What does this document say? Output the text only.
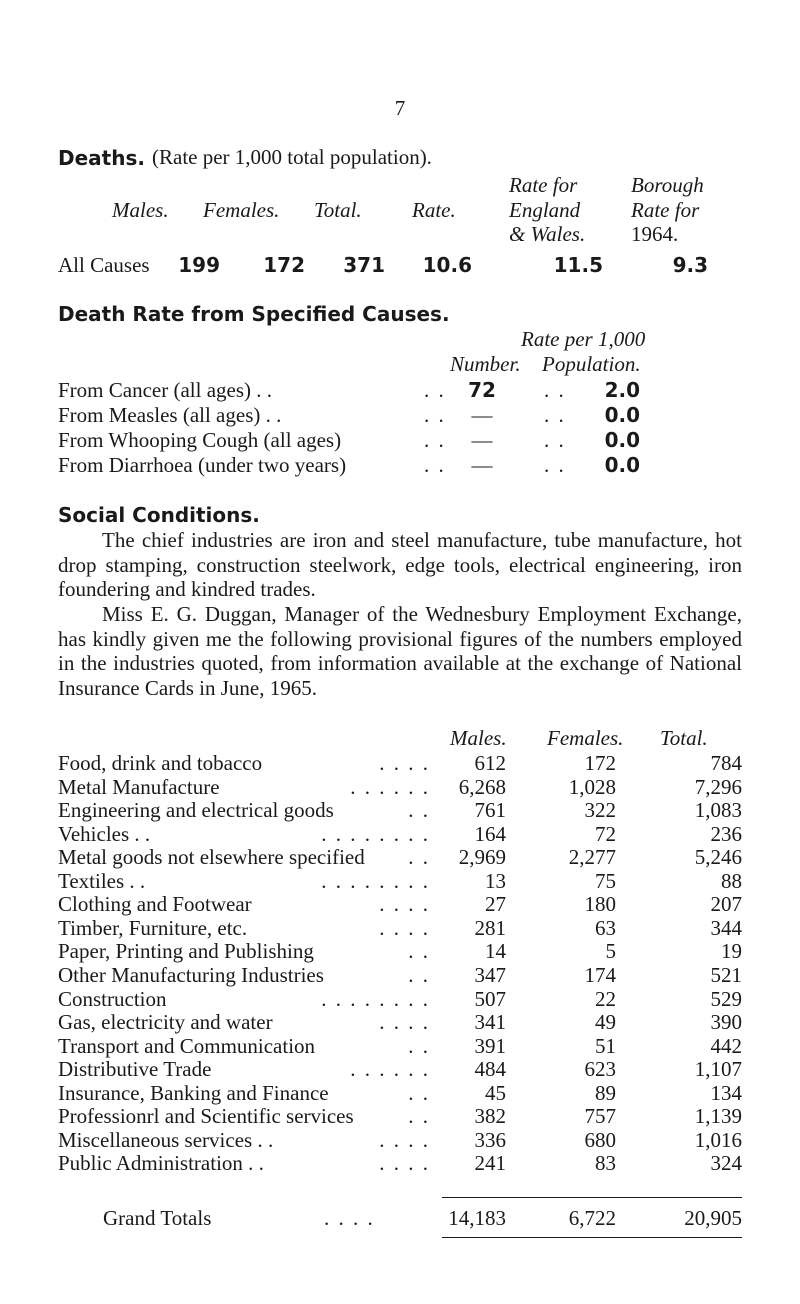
7
Deaths. (Rate per 1,000 total population).
Males. Females. Total. Rate.
Rate for
England
& Wales.
Borough
Rate for
1964.
All Causes	199	172	371	10.6	11.5	9.3
Death Rate from Specified Causes.
Rate per 1,000
Number. Population.
From Cancer (all ages) . .	. .	72	. .	2.0
From Measles (all ages) . .	. .	—	. .	0.0
From Whooping Cough (all ages)	. .	—	. .	0.0
From Diarrhoea (under two years)	. .	—	. .	0.0
Social Conditions.

The chief industries are iron and steel manufacture, tube manufacture, hot drop stamping, construction steelwork, edge tools, electrical engineering, iron foundering and kindred trades.

Miss E. G. Duggan, Manager of the Wednesbury Employment Exchange, has kindly given me the following provisional figures of the numbers employed in the industries quoted, from information available at the exchange of National Insurance Cards in June, 1965.

Males. Females. Total.
Food, drink and tobacco	. . . .	612	172	784
Metal Manufacture	. . . . . .	6,268	1,028	7,296
Engineering and electrical goods	. .	761	322	1,083
Vehicles . .	. . . . . . . .	164	72	236
Metal goods not elsewhere specified	. .	2,969	2,277	5,246
Textiles . .	. . . . . . . .	13	75	88
Clothing and Footwear	. . . .	27	180	207
Timber, Furniture, etc.	. . . .	281	63	344
Paper, Printing and Publishing	. .	14	5	19
Other Manufacturing Industries	. .	347	174	521
Construction	. . . . . . . .	507	22	529
Gas, electricity and water	. . . .	341	49	390
Transport and Communication	. .	391	51	442
Distributive Trade	. . . . . .	484	623	1,107
Insurance, Banking and Finance	. .	45	89	134
Professionrl and Scientific services	. .	382	757	1,139
Miscellaneous services . .	. . . .	336	680	1,016
Public Administration . .	. . . .	241	83	324
Grand Totals	. . . .	14,183	6,722	20,905
